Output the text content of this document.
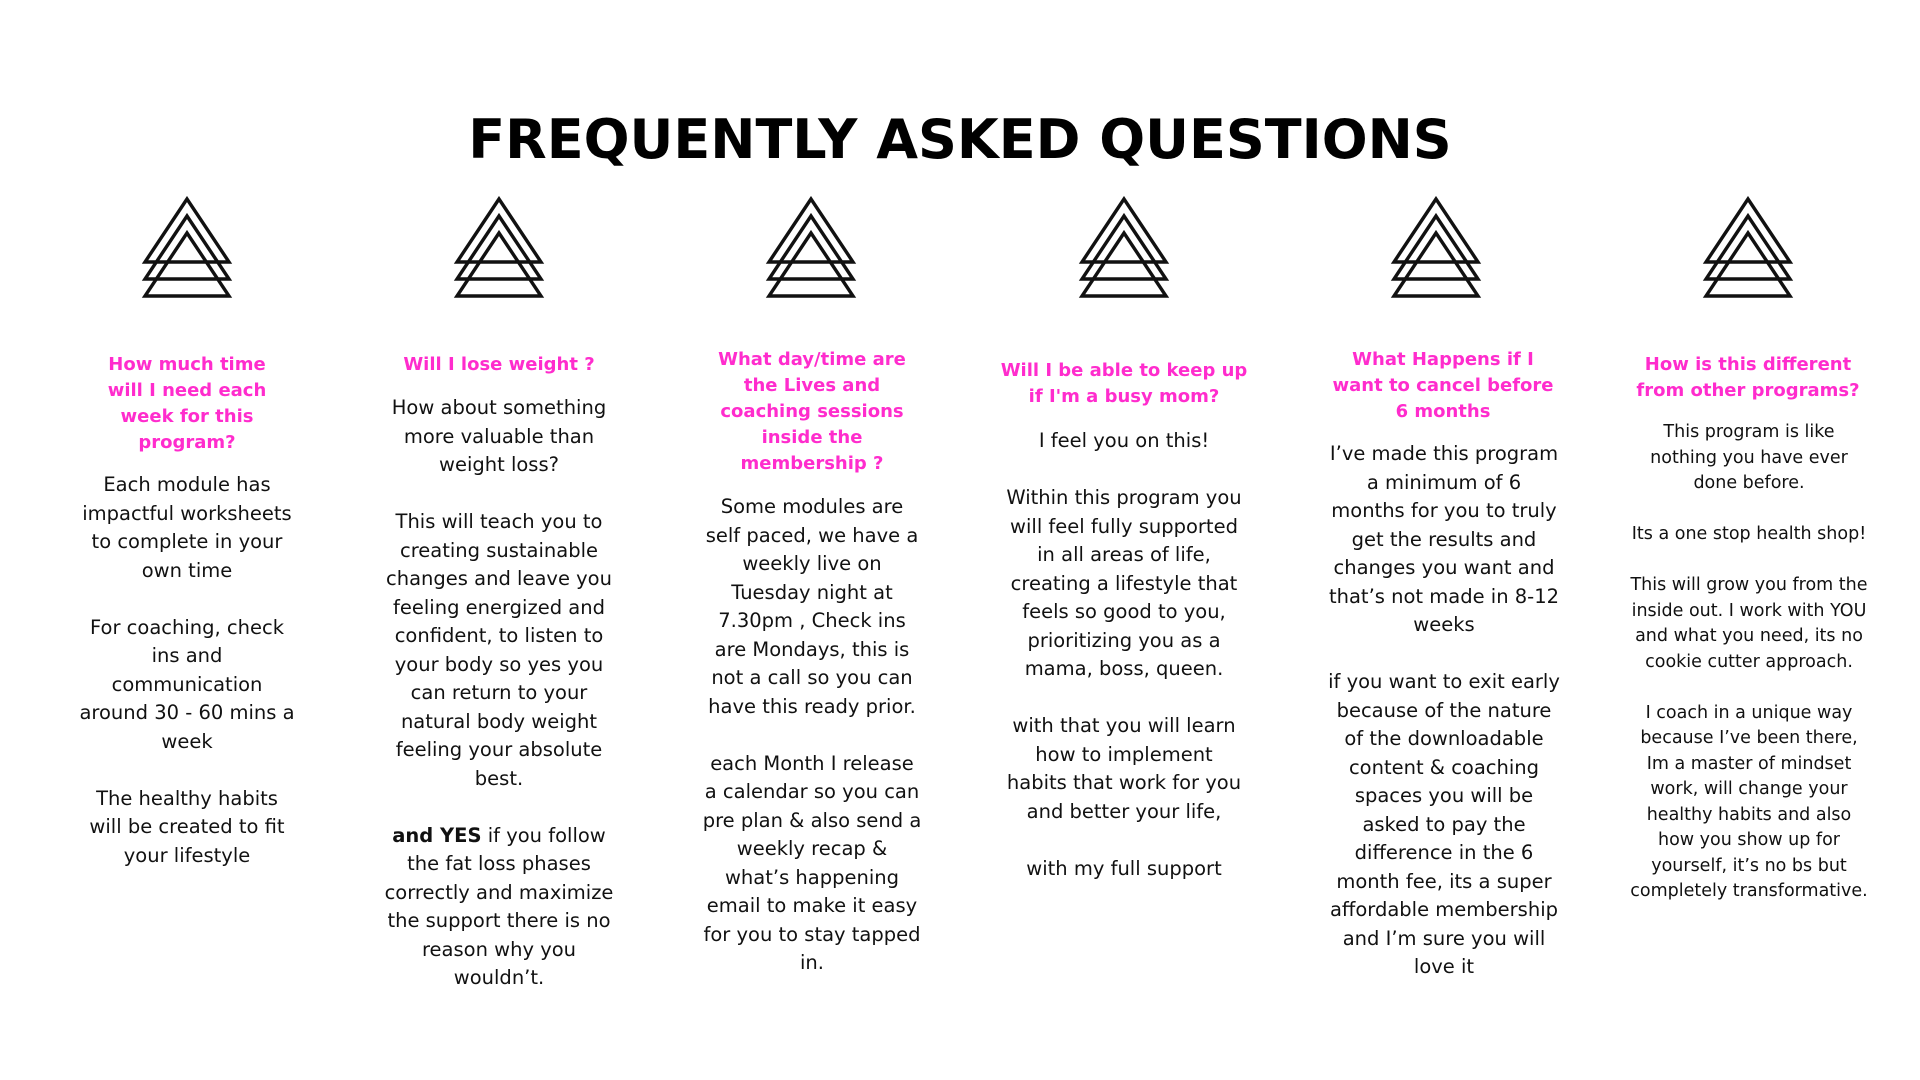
FREQUENTLY ASKED QUESTIONS
How much time will I need each week for this program?

Each module has impactful worksheets to complete in your own time

For coaching, check ins and communication around 30 - 60 mins a week

The healthy habits will be created to fit your lifestyle

Will I lose weight ?

How about something more valuable than weight loss?

This will teach you to creating sustainable changes and leave you feeling energized and confident, to listen to your body so yes you can return to your natural body weight feeling your absolute best.

and YES if you follow the fat loss phases correctly and maximize the support there is no reason why you wouldn’t.

What day/time are the Lives and coaching sessions inside the membership ?

Some modules are self paced, we have a weekly live on Tuesday night at 7.30pm , Check ins are Mondays, this is not a call so you can have this ready prior.

each Month I release a calendar so you can pre plan & also send a weekly recap & what’s happening email to make it easy for you to stay tapped in.

Will I be able to keep up if I'm a busy mom?

I feel you on this!

Within this program you will feel fully supported in all areas of life, creating a lifestyle that feels so good to you, prioritizing you as a mama, boss, queen.

with that you will learn how to implement habits that work for you and better your life,

with my full support

What Happens if I want to cancel before 6 months

I’ve made this program a minimum of 6 months for you to truly get the results and changes you want and that’s not made in 8-12 weeks

if you want to exit early because of the nature of the downloadable content & coaching spaces you will be asked to pay the difference in the 6 month fee, its a super affordable membership and I’m sure you will love it

How is this different from other programs?

This program is like nothing you have ever done before.

Its a one stop health shop!

This will grow you from the inside out. I work with YOU and what you need, its no cookie cutter approach.

I coach in a unique way because I’ve been there, Im a master of mindset work, will change your healthy habits and also how you show up for yourself, it’s no bs but completely transformative.
